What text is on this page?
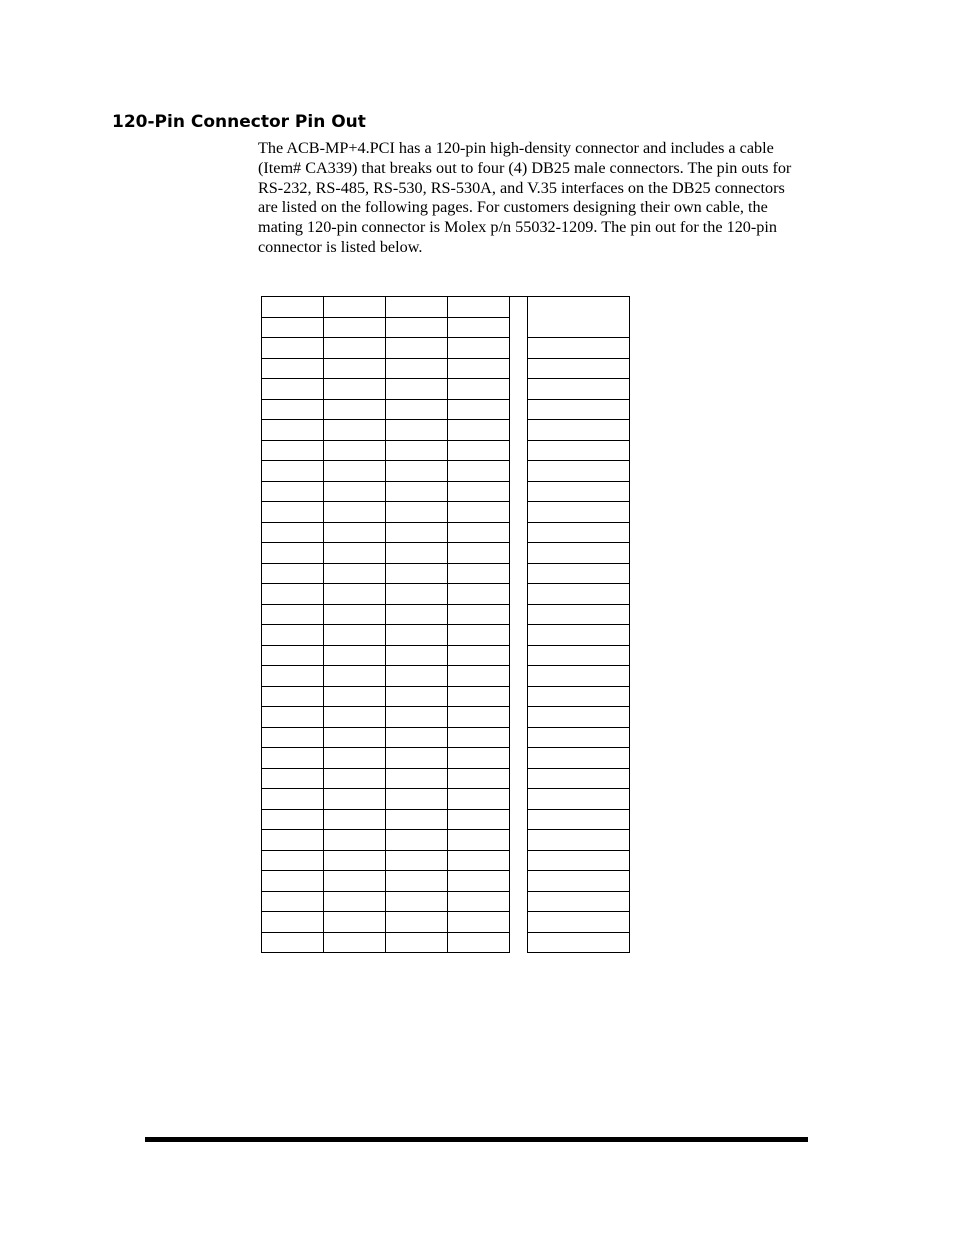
120-Pin Connector Pin Out

The ACB-MP+4.PCI has a 120-pin high-density connector and includes a cable
(Item# CA339) that breaks out to four (4) DB25 male connectors. The pin outs for
RS-232, RS-485, RS-530, RS-530A, and V.35 interfaces on the DB25 connectors
are listed on the following pages. For customers designing their own cable, the
mating 120-pin connector is Molex p/n 55032-1209. The pin out for the 120-pin
connector is listed below.
